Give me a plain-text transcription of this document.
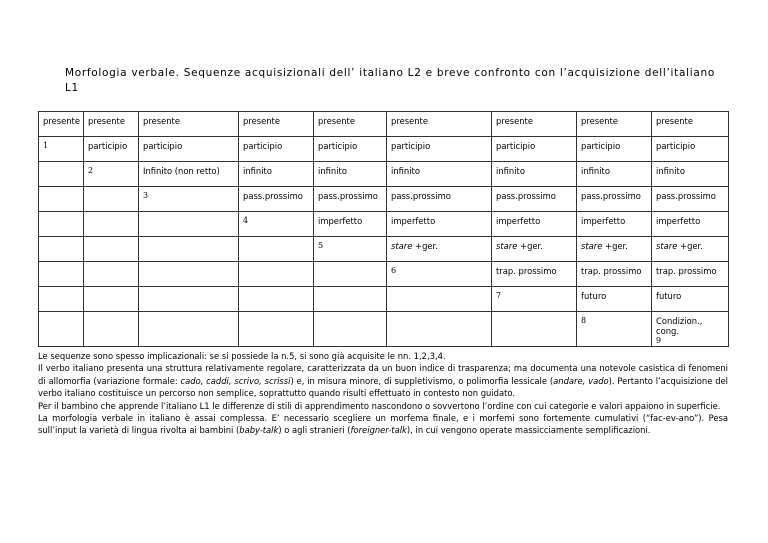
Morfologia verbale. Sequenze acquisizionali dell’ italiano L2 e breve confronto con l’acquisizione dell’italiano L1
presente	presente	presente	presente	presente	presente	presente	presente	presente
1	participio	participio	participio	participio	participio	participio	participio	participio
	2	Infinito (non retto)	infinito	infinito	infinito	infinito	infinito	infinito
		3	pass.prossimo	pass.prossimo	pass.prossimo	pass.prossimo	pass.prossimo	pass.prossimo
			4	imperfetto	imperfetto	imperfetto	imperfetto	imperfetto
				5	stare +ger.	stare +ger.	stare +ger.	stare +ger.
					6	trap. prossimo	trap. prossimo	trap. prossimo
						7	futuro	futuro
							8	Condizion., cong.
9

Le sequenze sono spesso implicazionali: se si possiede la n.5, si sono già acquisite le nn. 1,2,3,4.

Il verbo italiano presenta una struttura relativamente regolare, caratterizzata da un buon indice di trasparenza; ma documenta una notevole casistica di fenomeni di allomorfia (variazione formale: cado, caddi, scrivo, scrissi) e, in misura minore, di suppletivismo, o polimorfia lessicale (andare, vado). Pertanto l’acquisizione del verbo italiano costituisce un percorso non semplice, soprattutto quando risulti effettuato in contesto non guidato.

Per il bambino che apprende l’italiano L1 le differenze di stili di apprendimento nascondono o sovvertono l’ordine con cui categorie e valori appaiono in superficie.

La morfologia verbale in italiano è assai complessa. E’ necessario scegliere un morfema finale, e i morfemi sono fortemente cumulativi (“fac-ev-ano”). Pesa sull’input la varietà di lingua rivolta ai bambini (baby-talk) o agli stranieri (foreigner-talk), in cui vengono operate massicciamente semplificazioni.
